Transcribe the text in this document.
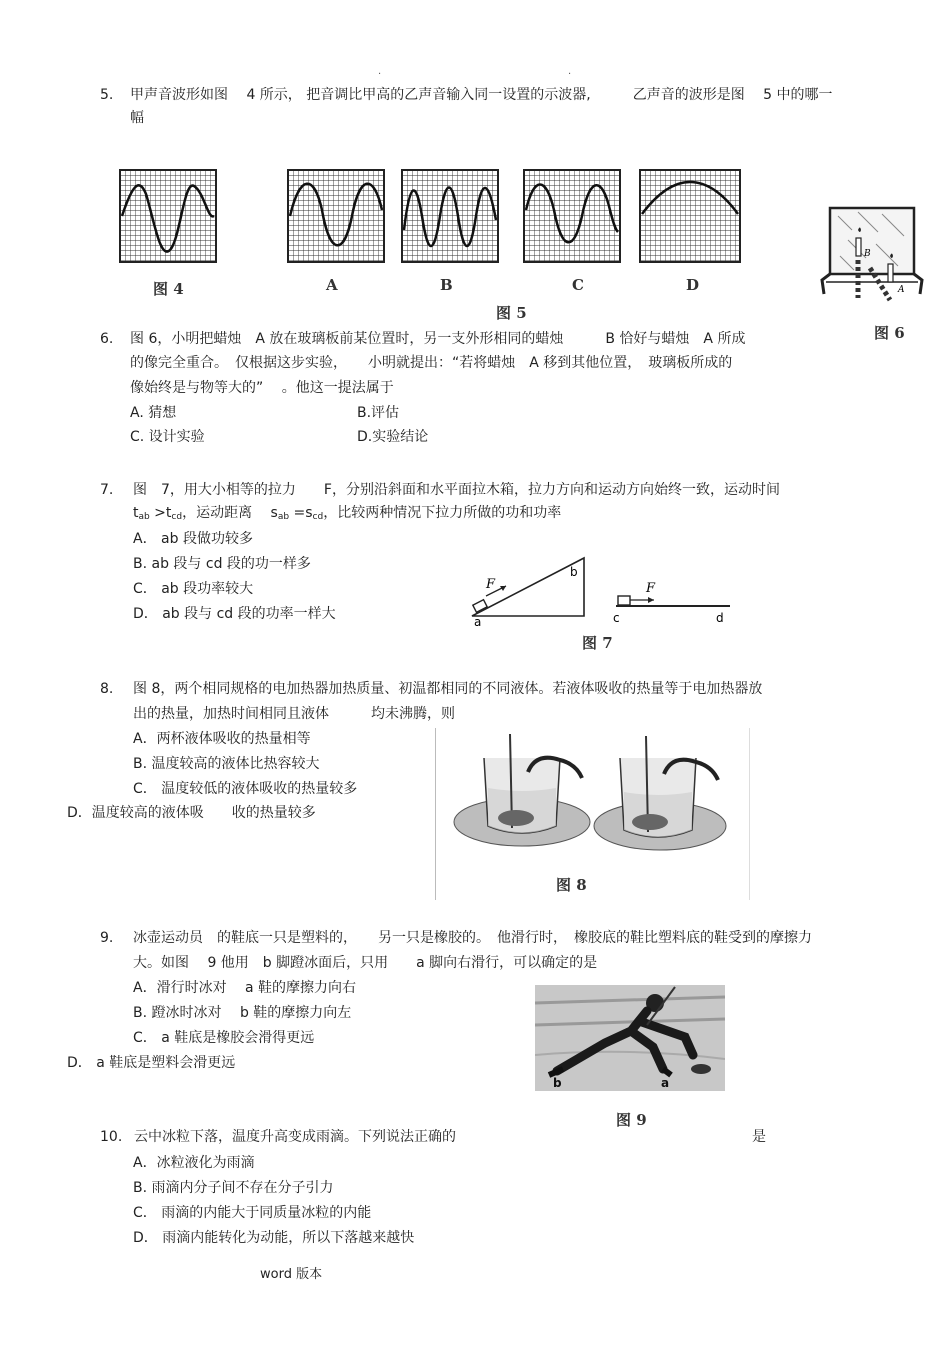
.	.
5. 甲声音波形如图　 4 所示， 把音调比甲高的乙声音输入同一设置的示波器,　　　乙声音的波形是图　 5 中的哪一
幅
图 4	A	B	C	D
图 5
B
A
图 6
6. 图 6，小明把蜡烛　A 放在玻璃板前某位置时，另一支外形相同的蜡烛　　　B 恰好与蜡烛　A 所成
的像完全重合。　仅根据这步实验，　　小明就提出：“若将蜡烛　A 移到其他位置，　玻璃板所成的
像始终是与物等大的”　 。他这一提法属于
A. 猜想	B.评估
C. 设计实验	D.实验结论
7. 图　7，用大小相等的拉力　　F，分别沿斜面和水平面拉木箱，拉力方向和运动方向始终一致，运动时间
$t_{ab} >t_{cd}$，运动距离　 $s_{ab} =s_{cd}$，比较两种情况下拉力所做的功和功率
A． ab 段做功较多
B. ab 段与 cd 段的功一样多
C． ab 段功率较大
D． ab 段与 cd 段的功率一样大
F
a
b
F
c	d
图 7
8. 图 8，两个相同规格的电加热器加热质量、初温都相同的不同液体。若液体吸收的热量等于电加热器放
出的热量，加热时间相同且液体　　　均未沸腾，则
A．两杯液体吸收的热量相等
B. 温度较高的液体比热容较大
C． 温度较低的液体吸收的热量较多
D．温度较高的液体吸　　收的热量较多
图 8
9. 冰壶运动员　的鞋底一只是塑料的，　　另一只是橡胶的。　他滑行时，　橡胶底的鞋比塑料底的鞋受到的摩擦力
大。如图　 9 他用　b 脚蹬冰面后，只用　　a 脚向右滑行，可以确定的是
A．滑行时冰对　 a 鞋的摩擦力向右
B. 蹬冰时冰对　 b 鞋的摩擦力向左
C． a 鞋底是橡胶会滑得更远
D． a 鞋底是塑料会滑更远
b	a
图 9
10. 云中冰粒下落，温度升高变成雨滴。下列说法正确的	是
A．冰粒液化为雨滴
B. 雨滴内分子间不存在分子引力
C． 雨滴的内能大于同质量冰粒的内能
D． 雨滴内能转化为动能，所以下落越来越快
word 版本
